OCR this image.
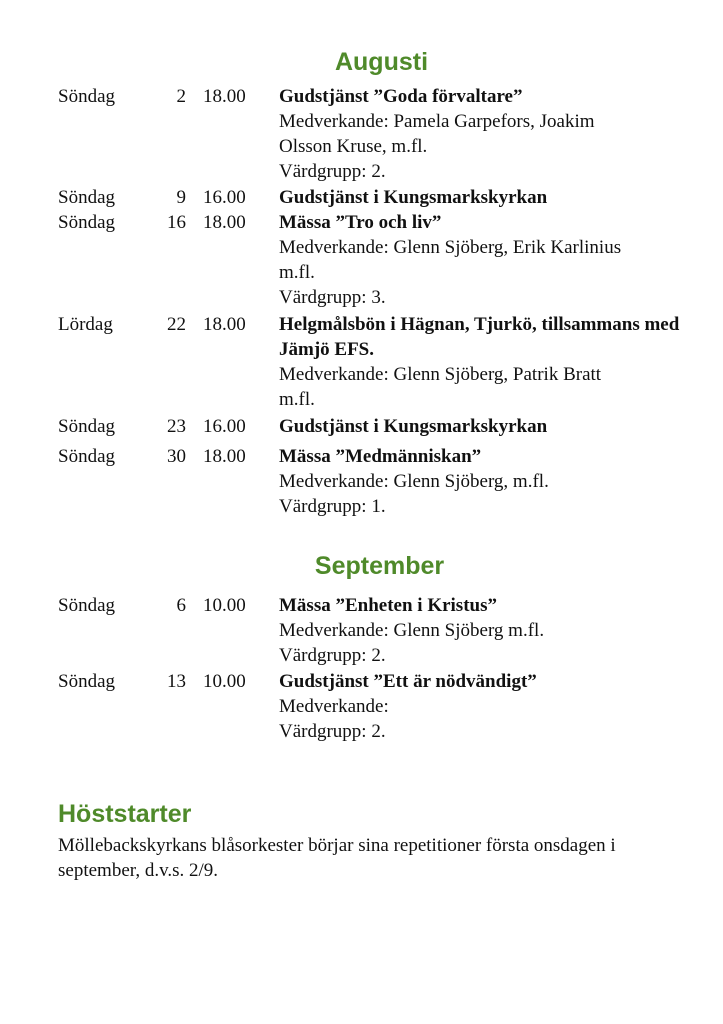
Augusti
Söndag	2 18.00 Gudstjänst ”Goda förvaltare”
Medverkande: Pamela Garpefors, Joakim
Olsson Kruse, m.fl.
Värdgrupp: 2.
Söndag	9 16.00 Gudstjänst i Kungsmarkskyrkan
Söndag	16 18.00 Mässa ”Tro och liv”
Medverkande: Glenn Sjöberg, Erik Karlinius
m.fl.
Värdgrupp: 3.
Lördag	22 18.00 Helgmålsbön i Hägnan, Tjurkö, tillsammans med Jämjö EFS.
Medverkande: Glenn Sjöberg, Patrik Bratt
m.fl.
Söndag	23 16.00 Gudstjänst i Kungsmarkskyrkan
Söndag	30 18.00 Mässa ”Medmänniskan”
Medverkande: Glenn Sjöberg, m.fl.
Värdgrupp: 1.
September
Söndag	6 10.00 Mässa ”Enheten i Kristus”
Medverkande: Glenn Sjöberg m.fl.
Värdgrupp: 2.
Söndag	13 10.00 Gudstjänst ”Ett är nödvändigt”
Medverkande:
Värdgrupp: 2.
Höststarter

Möllebackskyrkans blåsorkester börjar sina repetitioner första onsdagen i september, d.v.s. 2/9.
